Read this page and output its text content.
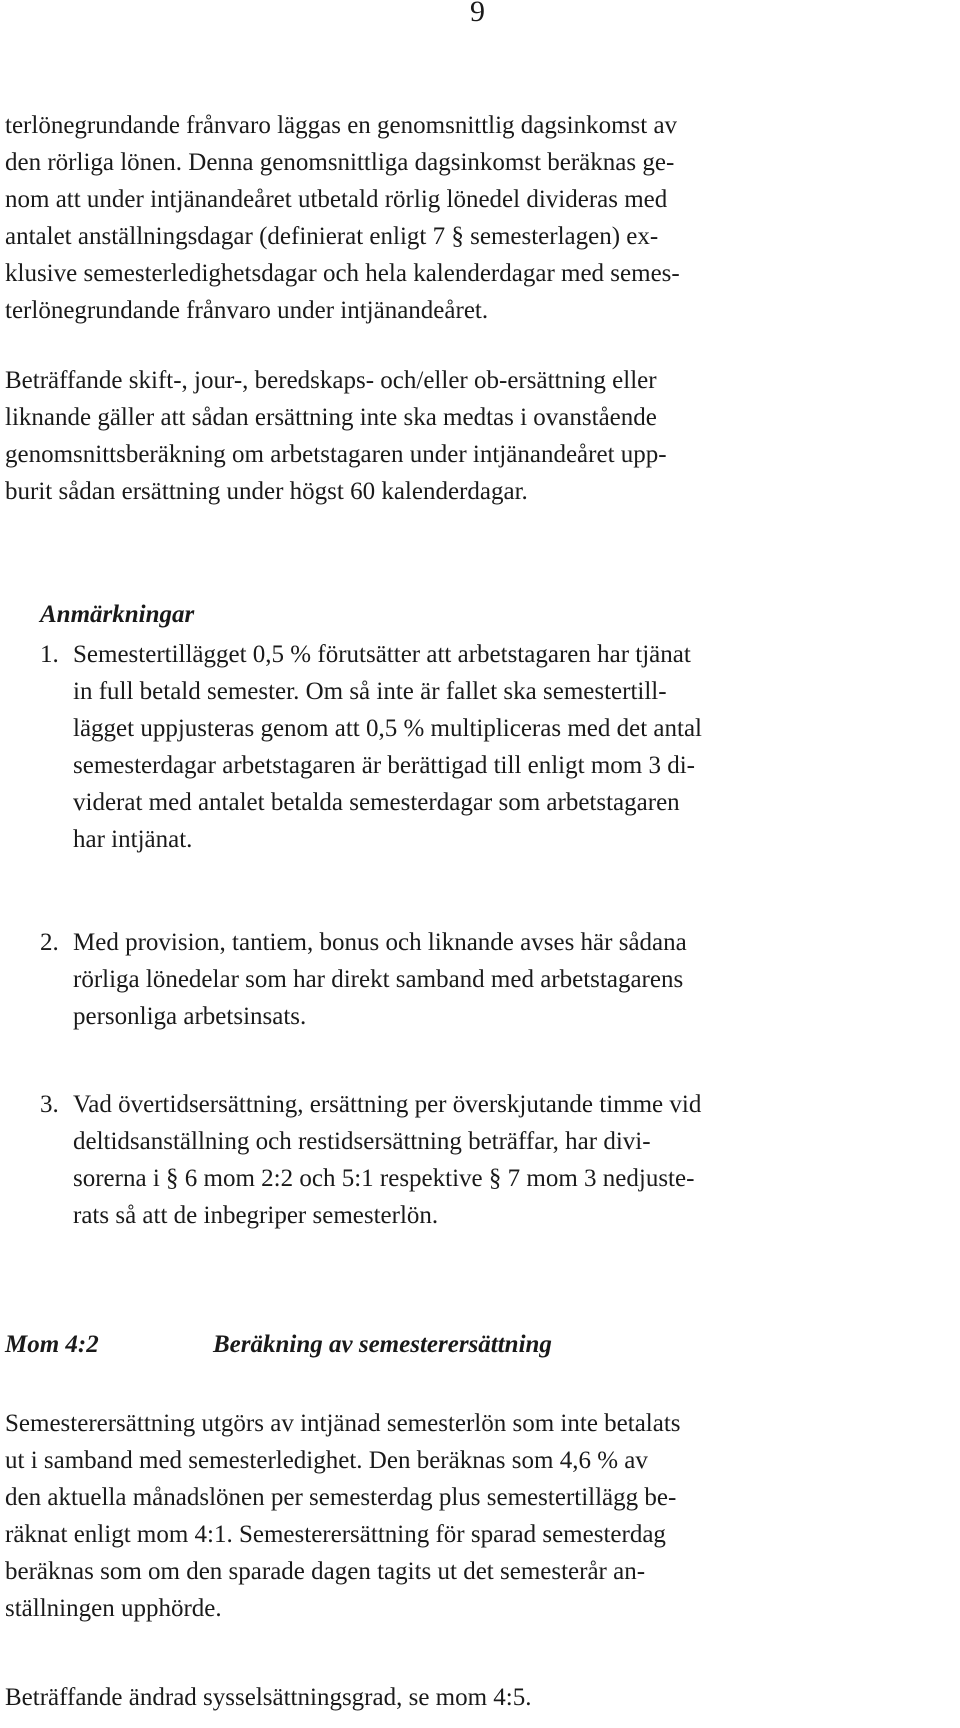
9

terlönegrundande frånvaro läggas en genomsnittlig dagsinkomst av
den rörliga lönen. Denna genomsnittliga dagsinkomst beräknas ge-
nom att under intjänandeåret utbetald rörlig lönedel divideras med
antalet anställningsdagar (definierat enligt 7 § semesterlagen) ex-
klusive semesterledighetsdagar och hela kalenderdagar med semes-
terlönegrundande frånvaro under intjänandeåret.

Beträffande skift-, jour-, beredskaps- och/eller ob-ersättning eller
liknande gäller att sådan ersättning inte ska medtas i ovanstående
genomsnittsberäkning om arbetstagaren under intjänandeåret upp-
burit sådan ersättning under högst 60 kalenderdagar.

Anmärkningar
1. Semestertillägget 0,5 % förutsätter att arbetstagaren har tjänat
in full betald semester. Om så inte är fallet ska semestertill-
lägget uppjusteras genom att 0,5 % multipliceras med det antal
semesterdagar arbetstagaren är berättigad till enligt mom 3 di-
viderat med antalet betalda semesterdagar som arbetstagaren
har intjänat.
2. Med provision, tantiem, bonus och liknande avses här sådana
rörliga lönedelar som har direkt samband med arbetstagarens
personliga arbetsinsats.
3. Vad övertidsersättning, ersättning per överskjutande timme vid
deltidsanställning och restidsersättning beträffar, har divi-
sorerna i § 6 mom 2:2 och 5:1 respektive § 7 mom 3 nedjuste-
rats så att de inbegriper semesterlön.
Mom 4:2	Beräkning av semesterersättning

Semesterersättning utgörs av intjänad semesterlön som inte betalats
ut i samband med semesterledighet. Den beräknas som 4,6 % av
den aktuella månadslönen per semesterdag plus semestertillägg be-
räknat enligt mom 4:1. Semesterersättning för sparad semesterdag
beräknas som om den sparade dagen tagits ut det semesterår an-
ställningen upphörde.

Beträffande ändrad sysselsättningsgrad, se mom 4:5.
